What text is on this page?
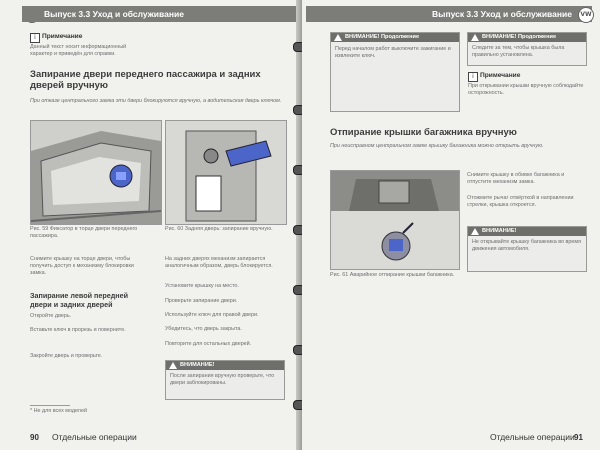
Выпуск 3.3 Уход и обслуживание
i Примечание
Данный текст носит информационный характер и приведён для справки.
Запирание двери переднего пассажира и задних дверей вручную
При отказе центрального замка эти двери блокируются вручную, а водительская дверь ключом.
Рис. 59 Фиксатор в торце двери переднего пассажира.
Рис. 60 Задняя дверь: запирание вручную.
Снимите крышку на торце двери, чтобы получить доступ к механизму блокировки замка.
Запирание левой передней двери и задних дверей
Откройте дверь.
Вставьте ключ в прорезь и поверните.
Закройте дверь и проверьте.
На задних дверях механизм запирается аналогичным образом, дверь блокируется.
Установите крышку на место.
Проверьте запирание двери.
Используйте ключ для правой двери.
Убедитесь, что дверь закрыта.
Повторите для остальных дверей.
ВНИМАНИЕ!
После запирания вручную проверьте, что двери заблокированы.
* Не для всех моделей
90 Отдельные операции
Выпуск 3.3 Уход и обслуживание	VW
ВНИМАНИЕ! Продолжение
Перед началом работ выключите зажигание и извлеките ключ.
ВНИМАНИЕ! Продолжение
Следите за тем, чтобы крышка была правильно установлена.
i Примечание
При открывании крышки вручную соблюдайте осторожность.
Отпирание крышки багажника вручную
При неисправном центральном замке крышку багажника можно открыть вручную.
Рис. 61 Аварийное отпирание крышки багажника.
Снимите крышку в обивке багажника и отпустите механизм замка.
Отожмите рычаг отвёрткой в направлении стрелки, крышка откроется.
ВНИМАНИЕ!
Не открывайте крышку багажника во время движения автомобиля.
Отдельные операции 91
